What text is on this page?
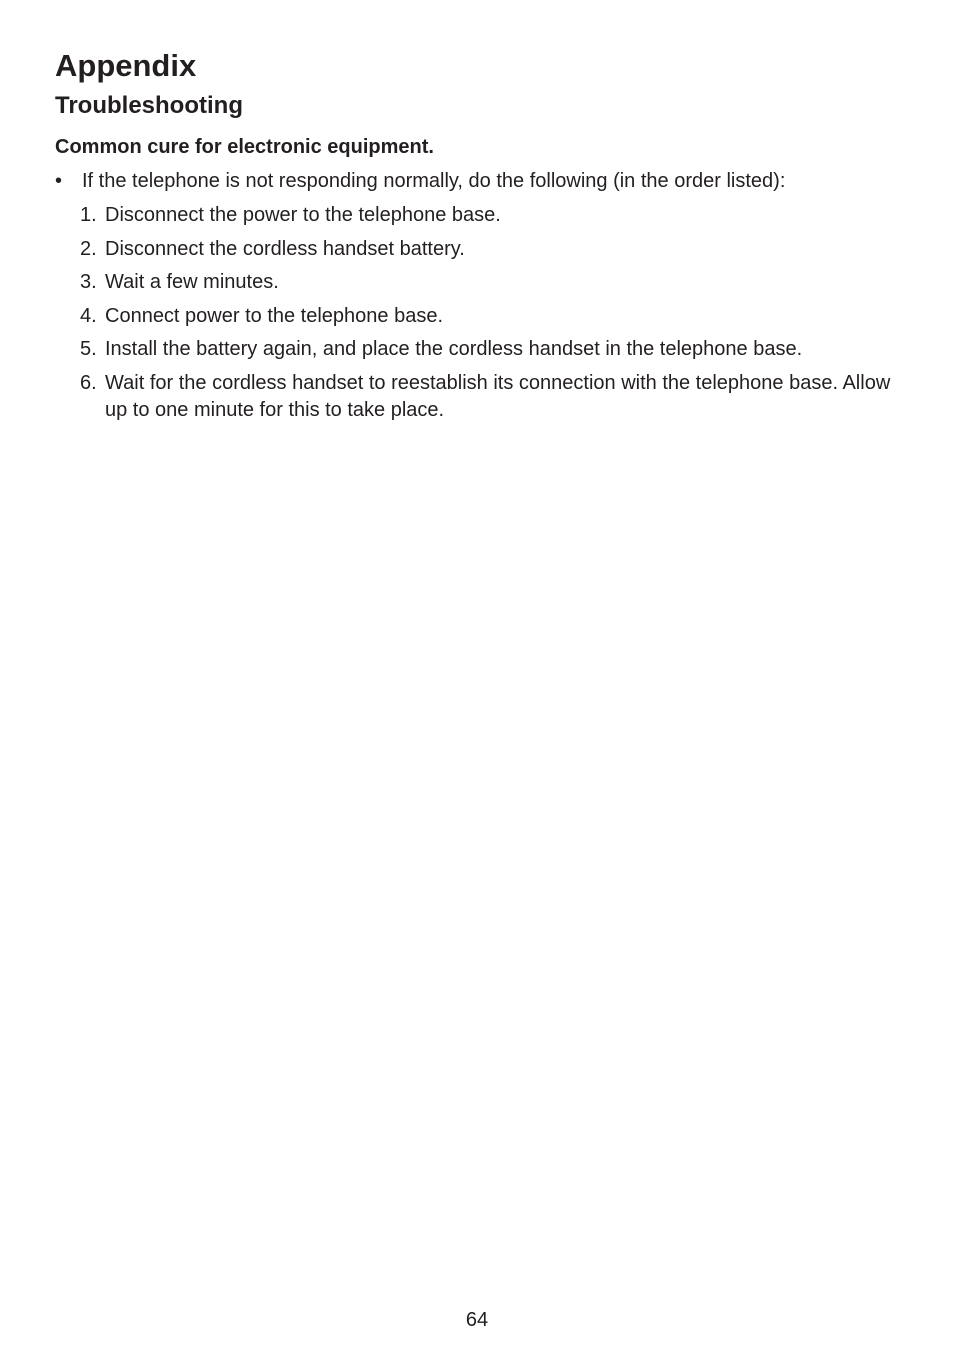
Appendix
Troubleshooting
Common cure for electronic equipment.
• If the telephone is not responding normally, do the following (in the order listed):
1. Disconnect the power to the telephone base.
2. Disconnect the cordless handset battery.
3. Wait a few minutes.
4. Connect power to the telephone base.
5. Install the battery again, and place the cordless handset in the telephone base.
6. Wait for the cordless handset to reestablish its connection with the telephone base. Allow up to one minute for this to take place.
64
